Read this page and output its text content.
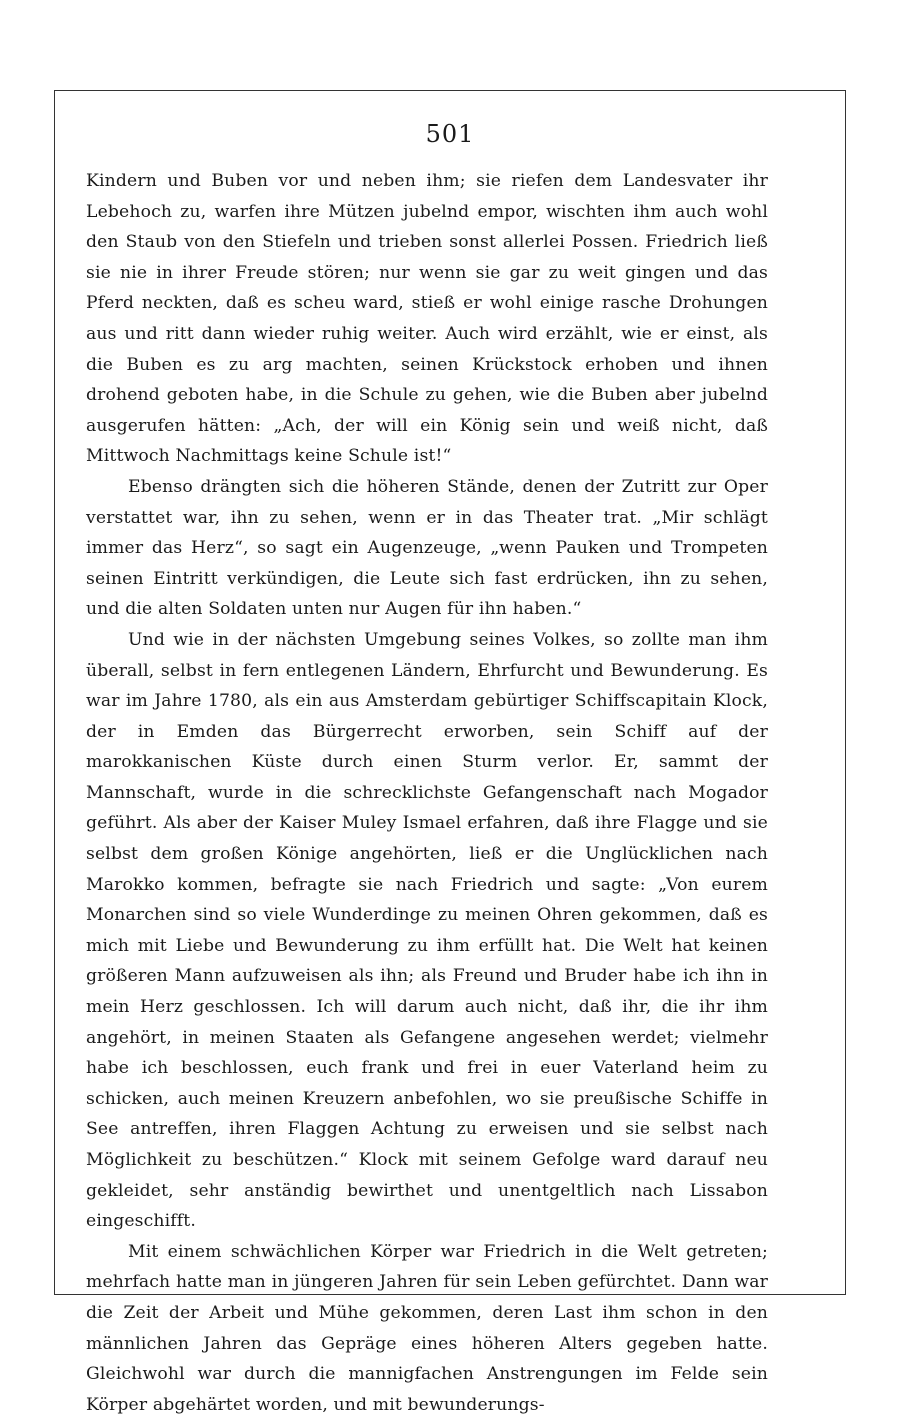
501

Kindern und Buben vor und neben ihm; sie riefen dem Landesvater ihr Lebehoch zu, warfen ihre Mützen jubelnd empor, wischten ihm auch wohl den Staub von den Stiefeln und trieben sonst allerlei Possen. Friedrich ließ sie nie in ihrer Freude stören; nur wenn sie gar zu weit gingen und das Pferd neckten, daß es scheu ward, stieß er wohl einige rasche Drohungen aus und ritt dann wieder ruhig weiter. Auch wird erzählt, wie er einst, als die Buben es zu arg machten, seinen Krückstock erhoben und ihnen drohend geboten habe, in die Schule zu gehen, wie die Buben aber jubelnd ausgerufen hätten: „Ach, der will ein König sein und weiß nicht, daß Mittwoch Nachmittags keine Schule ist!“

Ebenso drängten sich die höheren Stände, denen der Zutritt zur Oper verstattet war, ihn zu sehen, wenn er in das Theater trat. „Mir schlägt immer das Herz“, so sagt ein Augenzeuge, „wenn Pauken und Trompeten seinen Eintritt verkündigen, die Leute sich fast erdrücken, ihn zu sehen, und die alten Soldaten unten nur Augen für ihn haben.“

Und wie in der nächsten Umgebung seines Volkes, so zollte man ihm überall, selbst in fern entlegenen Ländern, Ehrfurcht und Bewunderung. Es war im Jahre 1780, als ein aus Amsterdam gebürtiger Schiffscapitain Klock, der in Emden das Bürgerrecht erworben, sein Schiff auf der marokkanischen Küste durch einen Sturm verlor. Er, sammt der Mannschaft, wurde in die schrecklichste Gefangenschaft nach Mogador geführt. Als aber der Kaiser Muley Ismael erfahren, daß ihre Flagge und sie selbst dem großen Könige angehörten, ließ er die Unglücklichen nach Marokko kommen, befragte sie nach Friedrich und sagte: „Von eurem Monarchen sind so viele Wunderdinge zu meinen Ohren gekommen, daß es mich mit Liebe und Bewunderung zu ihm erfüllt hat. Die Welt hat keinen größeren Mann aufzuweisen als ihn; als Freund und Bruder habe ich ihn in mein Herz geschlossen. Ich will darum auch nicht, daß ihr, die ihr ihm angehört, in meinen Staaten als Gefangene angesehen werdet; vielmehr habe ich beschlossen, euch frank und frei in euer Vaterland heim zu schicken, auch meinen Kreuzern anbefohlen, wo sie preußische Schiffe in See antreffen, ihren Flaggen Achtung zu erweisen und sie selbst nach Möglichkeit zu beschützen.“ Klock mit seinem Gefolge ward darauf neu gekleidet, sehr anständig bewirthet und unentgeltlich nach Lissabon eingeschifft.

Mit einem schwächlichen Körper war Friedrich in die Welt getreten; mehrfach hatte man in jüngeren Jahren für sein Leben gefürchtet. Dann war die Zeit der Arbeit und Mühe gekommen, deren Last ihm schon in den männlichen Jahren das Gepräge eines höheren Alters gegeben hatte. Gleichwohl war durch die mannigfachen Anstrengungen im Felde sein Körper abgehärtet worden, und mit bewunderungs-
